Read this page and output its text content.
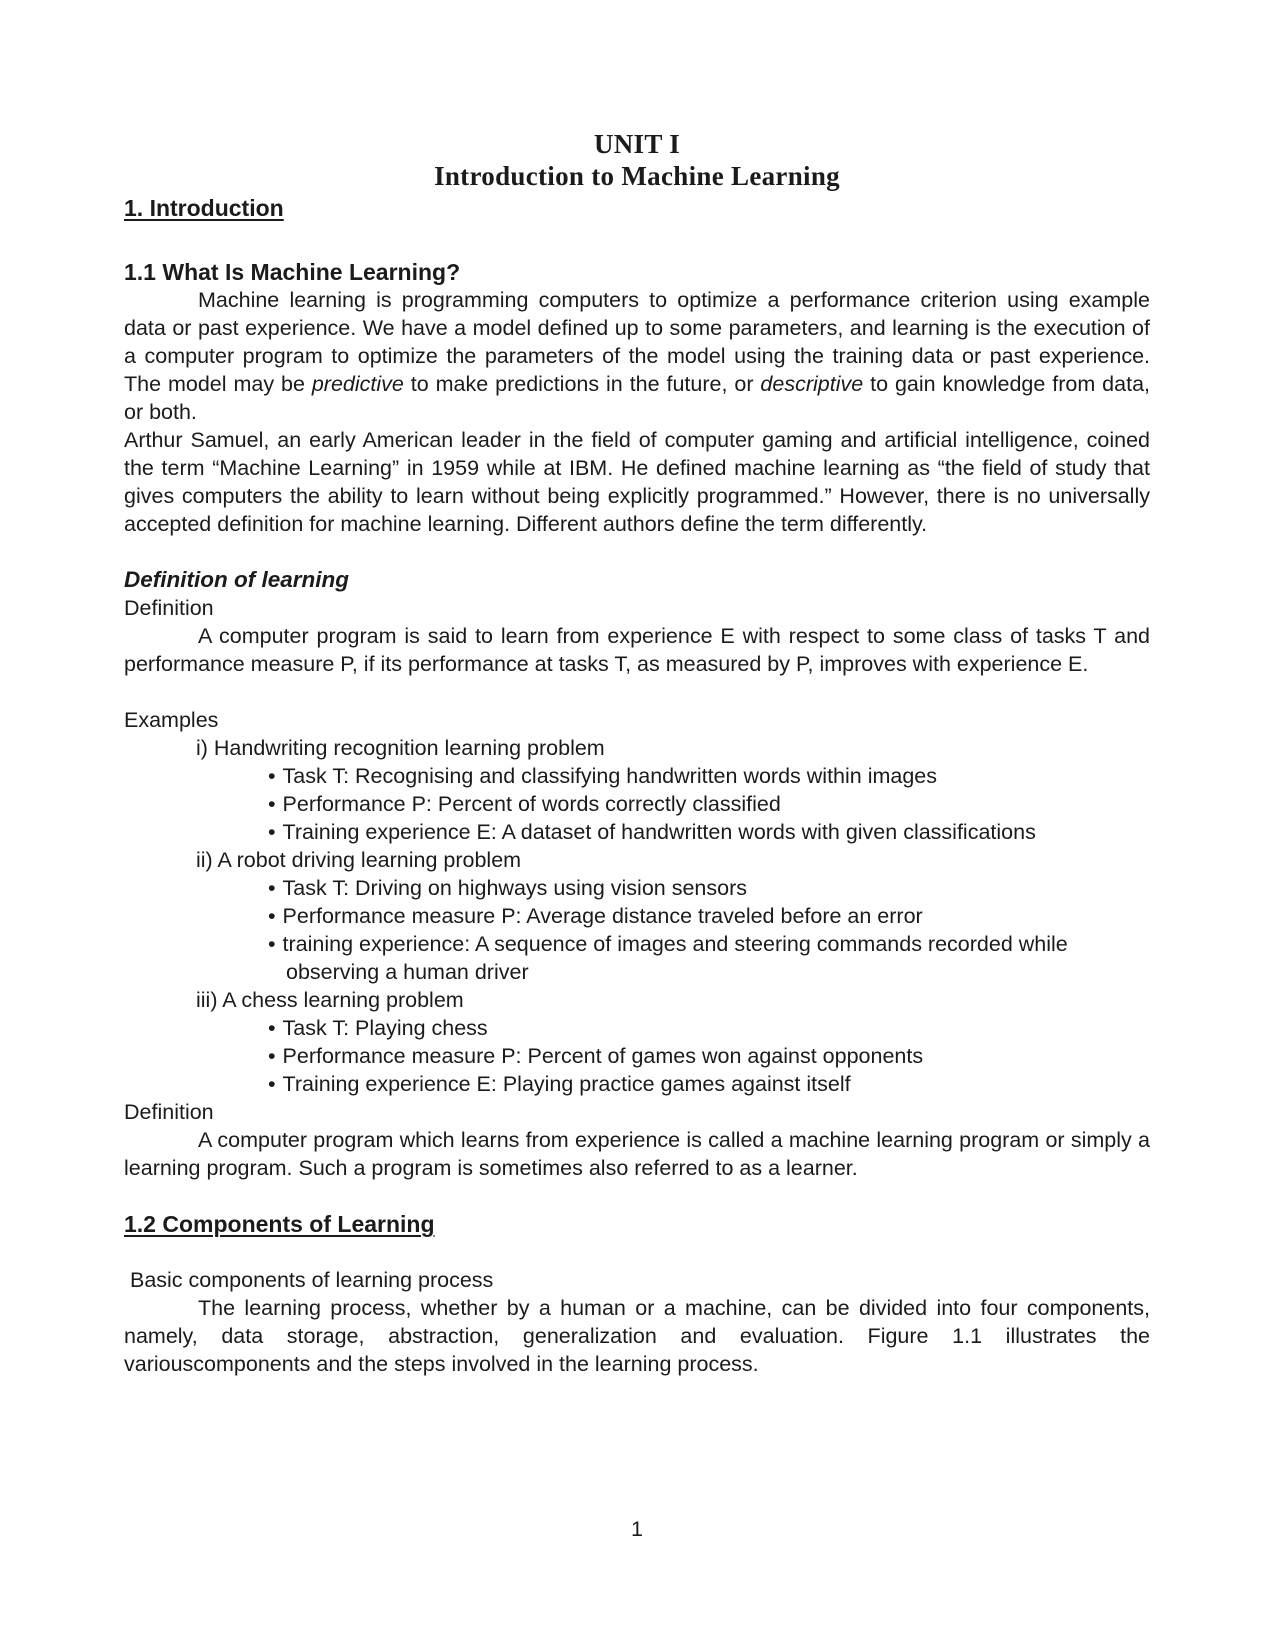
UNIT I
Introduction to Machine Learning
1. Introduction
1.1 What Is Machine Learning?

Machine learning is programming computers to optimize a performance criterion using example data or past experience. We have a model defined up to some parameters, and learning is the execution of a computer program to optimize the parameters of the model using the training data or past experience. The model may be predictive to make predictions in the future, or descriptive to gain knowledge from data, or both.

Arthur Samuel, an early American leader in the field of computer gaming and artificial intelligence, coined the term “Machine Learning” in 1959 while at IBM. He defined machine learning as “the field of study that gives computers the ability to learn without being explicitly programmed.” However, there is no universally accepted definition for machine learning. Different authors define the term differently.

Definition of learning
Definition

A computer program is said to learn from experience E with respect to some class of tasks T and performance measure P, if its performance at tasks T, as measured by P, improves with experience E.

Examples
i) Handwriting recognition learning problem
• Task T: Recognising and classifying handwritten words within images
• Performance P: Percent of words correctly classified
• Training experience E: A dataset of handwritten words with given classifications
ii) A robot driving learning problem
• Task T: Driving on highways using vision sensors
• Performance measure P: Average distance traveled before an error
• training experience: A sequence of images and steering commands recorded while observing a human driver
iii) A chess learning problem
• Task T: Playing chess
• Performance measure P: Percent of games won against opponents
• Training experience E: Playing practice games against itself
Definition

A computer program which learns from experience is called a machine learning program or simply a learning program. Such a program is sometimes also referred to as a learner.

1.2 Components of Learning
Basic components of learning process

The learning process, whether by a human or a machine, can be divided into four components, namely, data storage, abstraction, generalization and evaluation. Figure 1.1 illustrates the variouscomponents and the steps involved in the learning process.

1
